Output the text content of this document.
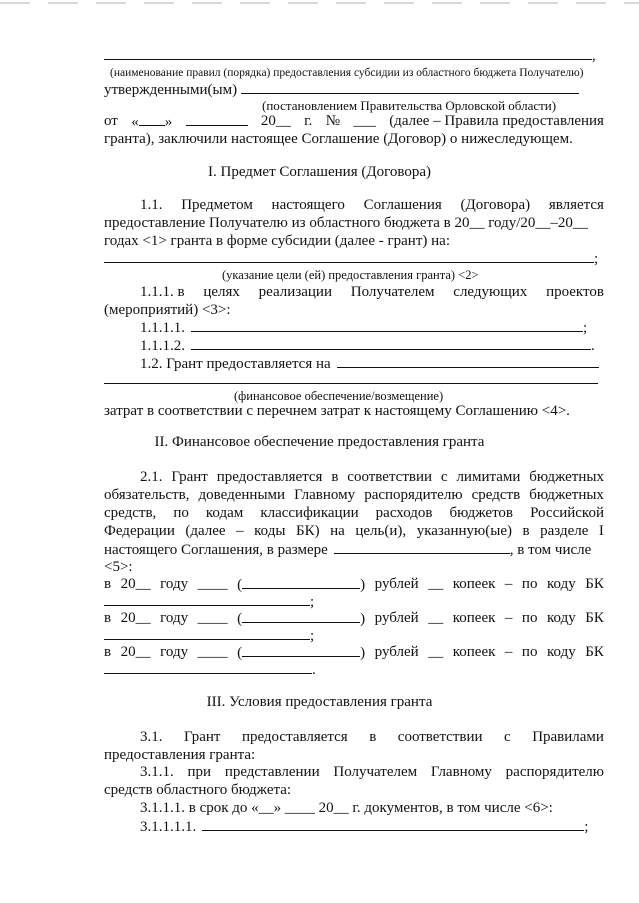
,
(наименование правил (порядка) предоставления субсидии из областного бюджета Получателю)
утвержденными(ым)
(постановлением Правительства Орловской области)
от « »	20__ г. № ___ (далее – Правила предоставления
гранта), заключили настоящее Соглашение (Договор) о нижеследующем.
I. Предмет Соглашения (Договора)
1.1. Предметом настоящего Соглашения (Договора) является
предоставление Получателю из областного бюджета в 20__ году/20__–20__
годах <1> гранта в форме субсидии (далее - грант) на:
;
(указание цели (ей) предоставления гранта) <2>
1.1.1. в целях реализации Получателем следующих проектов
(мероприятий) <3>:
1.1.1.1.	;
1.1.1.2.	.
1.2. Грант предоставляется на
(финансовое обеспечение/возмещение)
затрат в соответствии с перечнем затрат к настоящему Соглашению <4>.
II. Финансовое обеспечение предоставления гранта
2.1. Грант предоставляется в соответствии с лимитами бюджетных
обязательств, доведенными Главному распорядителю средств бюджетных
средств, по кодам классификации расходов бюджетов Российской
Федерации (далее – коды БК) на цель(и), указанную(ые) в разделе I
настоящего Соглашения, в размере	, в том числе
<5>:
в 20__ году ____ (	) рублей __ копеек – по коду БК
;
в 20__ году ____ (	) рублей __ копеек – по коду БК
;
в 20__ году ____ (	) рублей __ копеек – по коду БК
.
III. Условия предоставления гранта
3.1. Грант предоставляется в соответствии с Правилами
предоставления гранта:
3.1.1. при представлении Получателем Главному распорядителю
средств областного бюджета:
3.1.1.1. в срок до «__» ____ 20__ г. документов, в том числе <6>:
3.1.1.1.1.	;
